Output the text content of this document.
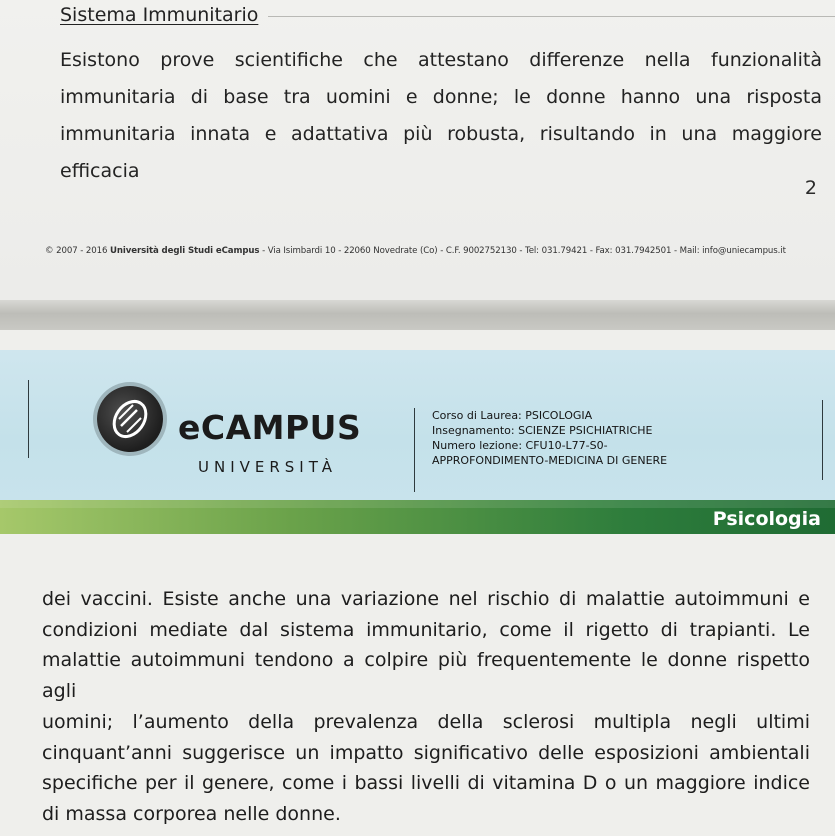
Sistema Immunitario
Esistono prove scientifiche che attestano differenze nella funzionalità
immunitaria di base tra uomini e donne; le donne hanno una risposta
immunitaria innata e adattativa più robusta, risultando in una maggiore efficacia
2
© 2007 - 2016 Università degli Studi eCampus - Via Isimbardi 10 - 22060 Novedrate (Co) - C.F. 9002752130 - Tel: 031.79421 - Fax: 031.7942501 - Mail: info@uniecampus.it
eCAMPUS
UNIVERSITÀ
Corso di Laurea: PSICOLOGIA
Insegnamento: SCIENZE PSICHIATRICHE
Numero lezione: CFU10-L77-S0-
APPROFONDIMENTO-MEDICINA DI GENERE
Psicologia
dei vaccini. Esiste anche una variazione nel rischio di malattie autoimmuni e
condizioni mediate dal sistema immunitario, come il rigetto di trapianti. Le
malattie autoimmuni tendono a colpire più frequentemente le donne rispetto agli
uomini; l’aumento della prevalenza della sclerosi multipla negli ultimi
cinquant’anni suggerisce un impatto significativo delle esposizioni ambientali
specifiche per il genere, come i bassi livelli di vitamina D o un maggiore indice
di massa corporea nelle donne.
